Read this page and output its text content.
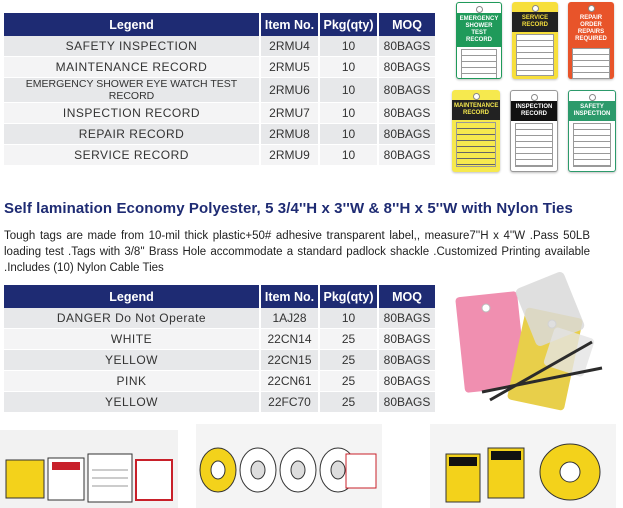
Legend	Item No.	Pkg(qty)	MOQ
SAFETY INSPECTION	2RMU4	10	80BAGS
MAINTENANCE RECORD	2RMU5	10	80BAGS
EMERGENCY SHOWER EYE WATCH TEST RECORD	2RMU6	10	80BAGS
INSPECTION RECORD	2RMU7	10	80BAGS
REPAIR RECORD	2RMU8	10	80BAGS
SERVICE RECORD	2RMU9	10	80BAGS
EMERGENCY SHOWER TEST RECORD
SERVICE RECORD
REPAIR ORDER REPAIRS REQUIRED
MAINTENANCE RECORD
INSPECTION RECORD
SAFETY INSPECTION
Self lamination Economy Polyester, 5 3/4''H x 3''W & 8''H x 5''W with Nylon Ties
Tough tags are made from 10-mil thick plastic+50# adhesive transparent label,, measure7''H x 4''W .Pass 50LB loading test .Tags with 3/8'' Brass Hole accommodate a standard padlock shackle .Customized Printing available .Includes (10) Nylon Cable Ties
Legend	Item No.	Pkg(qty)	MOQ
DANGER Do Not Operate	1AJ28	10	80BAGS
WHITE	22CN14	25	80BAGS
YELLOW	22CN15	25	80BAGS
PINK	22CN61	25	80BAGS
YELLOW	22FC70	25	80BAGS
